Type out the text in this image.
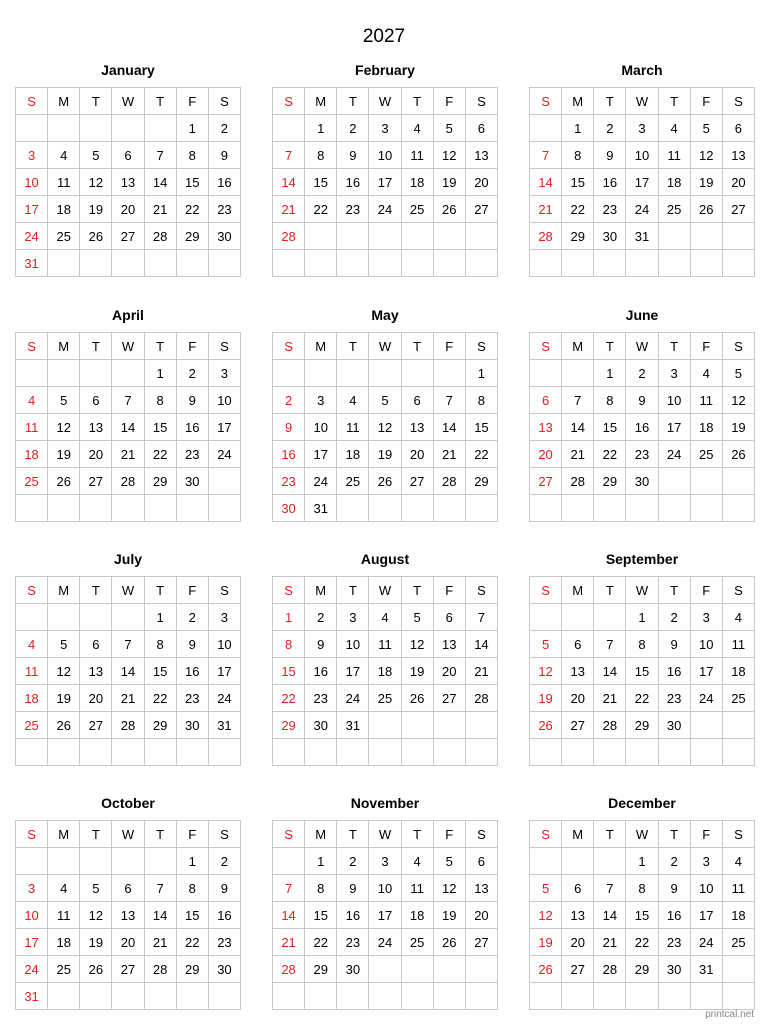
2027
January
S	M	T	W	T	F	S
					1	2
3	4	5	6	7	8	9
10	11	12	13	14	15	16
17	18	19	20	21	22	23
24	25	26	27	28	29	30
31						
February
S	M	T	W	T	F	S
	1	2	3	4	5	6
7	8	9	10	11	12	13
14	15	16	17	18	19	20
21	22	23	24	25	26	27
28						

March
S	M	T	W	T	F	S
	1	2	3	4	5	6
7	8	9	10	11	12	13
14	15	16	17	18	19	20
21	22	23	24	25	26	27
28	29	30	31			

April
S	M	T	W	T	F	S
				1	2	3
4	5	6	7	8	9	10
11	12	13	14	15	16	17
18	19	20	21	22	23	24
25	26	27	28	29	30	

May
S	M	T	W	T	F	S
						1
2	3	4	5	6	7	8
9	10	11	12	13	14	15
16	17	18	19	20	21	22
23	24	25	26	27	28	29
30	31					
June
S	M	T	W	T	F	S
		1	2	3	4	5
6	7	8	9	10	11	12
13	14	15	16	17	18	19
20	21	22	23	24	25	26
27	28	29	30			

July
S	M	T	W	T	F	S
				1	2	3
4	5	6	7	8	9	10
11	12	13	14	15	16	17
18	19	20	21	22	23	24
25	26	27	28	29	30	31

August
S	M	T	W	T	F	S
1	2	3	4	5	6	7
8	9	10	11	12	13	14
15	16	17	18	19	20	21
22	23	24	25	26	27	28
29	30	31				

September
S	M	T	W	T	F	S
			1	2	3	4
5	6	7	8	9	10	11
12	13	14	15	16	17	18
19	20	21	22	23	24	25
26	27	28	29	30		

October
S	M	T	W	T	F	S
					1	2
3	4	5	6	7	8	9
10	11	12	13	14	15	16
17	18	19	20	21	22	23
24	25	26	27	28	29	30
31						
November
S	M	T	W	T	F	S
	1	2	3	4	5	6
7	8	9	10	11	12	13
14	15	16	17	18	19	20
21	22	23	24	25	26	27
28	29	30				

December
S	M	T	W	T	F	S
			1	2	3	4
5	6	7	8	9	10	11
12	13	14	15	16	17	18
19	20	21	22	23	24	25
26	27	28	29	30	31	

printcal.net
